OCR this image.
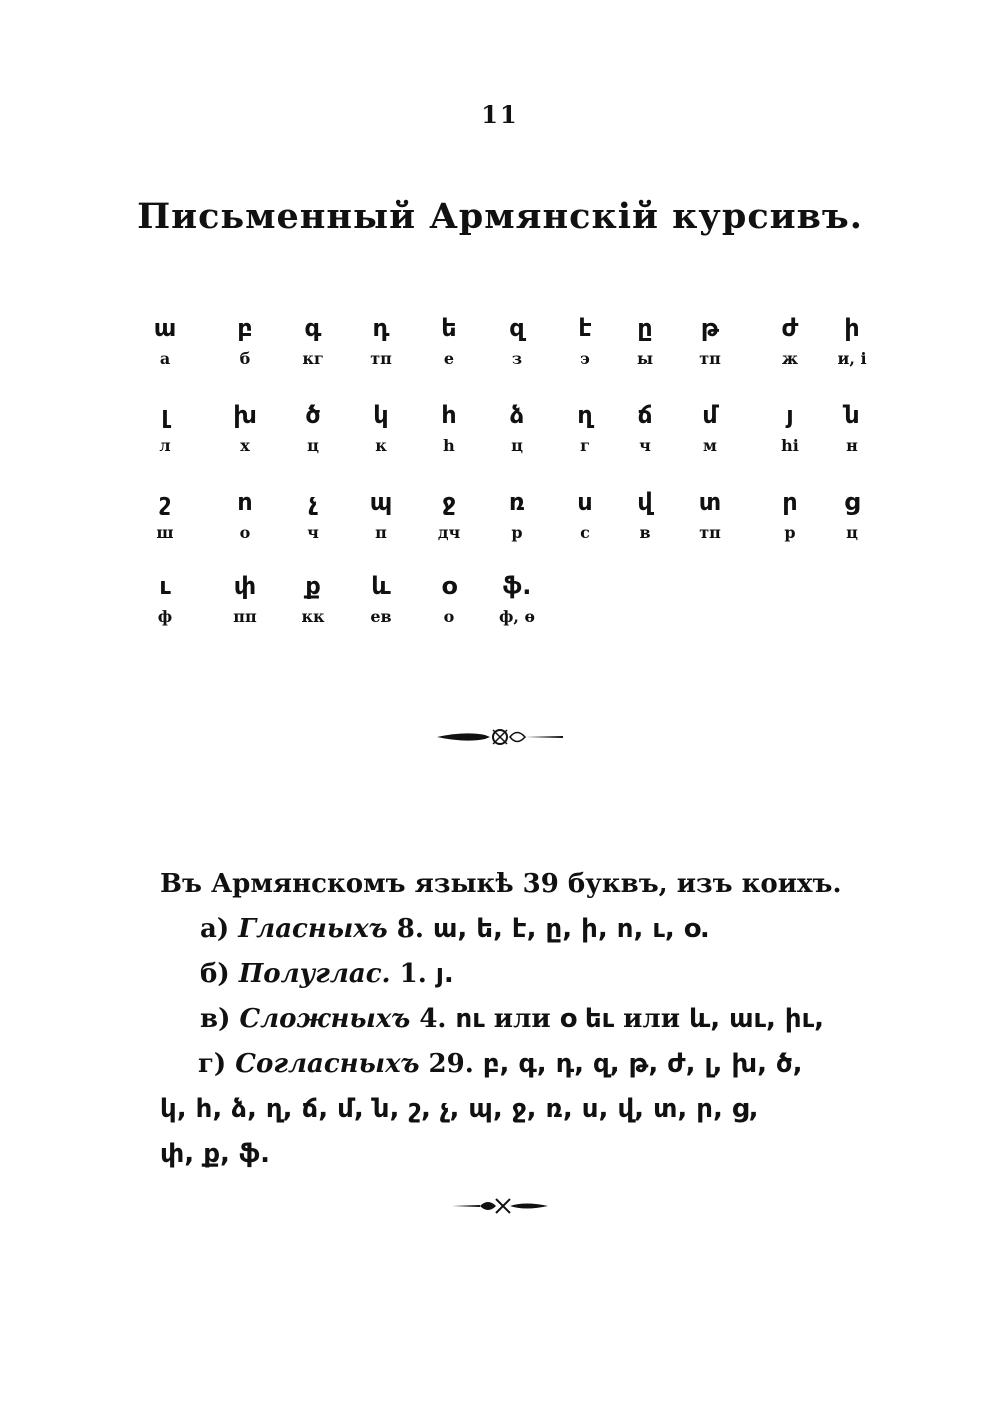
11
Письменный Армянскій курсивъ.
ա
а
բ
б
գ
кг
դ
тп
ե
е
զ
з
է
э
ը
ы
թ
тп
ժ
ж
ի
и, і
լ
л
խ
х
ծ
ц
կ
к
հ
h
ձ
ц
ղ
г
ճ
ч
մ
м
յ
hi
ն
н
շ
ш
ո
о
չ
ч
պ
п
ջ
дч
ռ
р
ս
с
վ
в
տ
тп
ր
р
ց
ц
ւ
ф
փ
пп
ք
кк
և
ев
օ
о
ֆ.
ф, ѳ
Въ Армянскомъ языкѣ 39 буквъ, изъ коихъ.
а) Гласныхъ 8. ա, ե, է, ը, ի, ո, ւ, օ.
б) Полуглас. 1. յ.
в) Сложныхъ 4. ու или օ եւ или և, աւ, իւ,
г) Согласныхъ 29. բ, գ, դ, զ, թ, ժ, լ, խ, ծ,
կ, հ, ձ, ղ, ճ, մ, ն, շ, չ, պ, ջ, ռ, ս, վ, տ, ր, ց,
փ, ք, ֆ.
